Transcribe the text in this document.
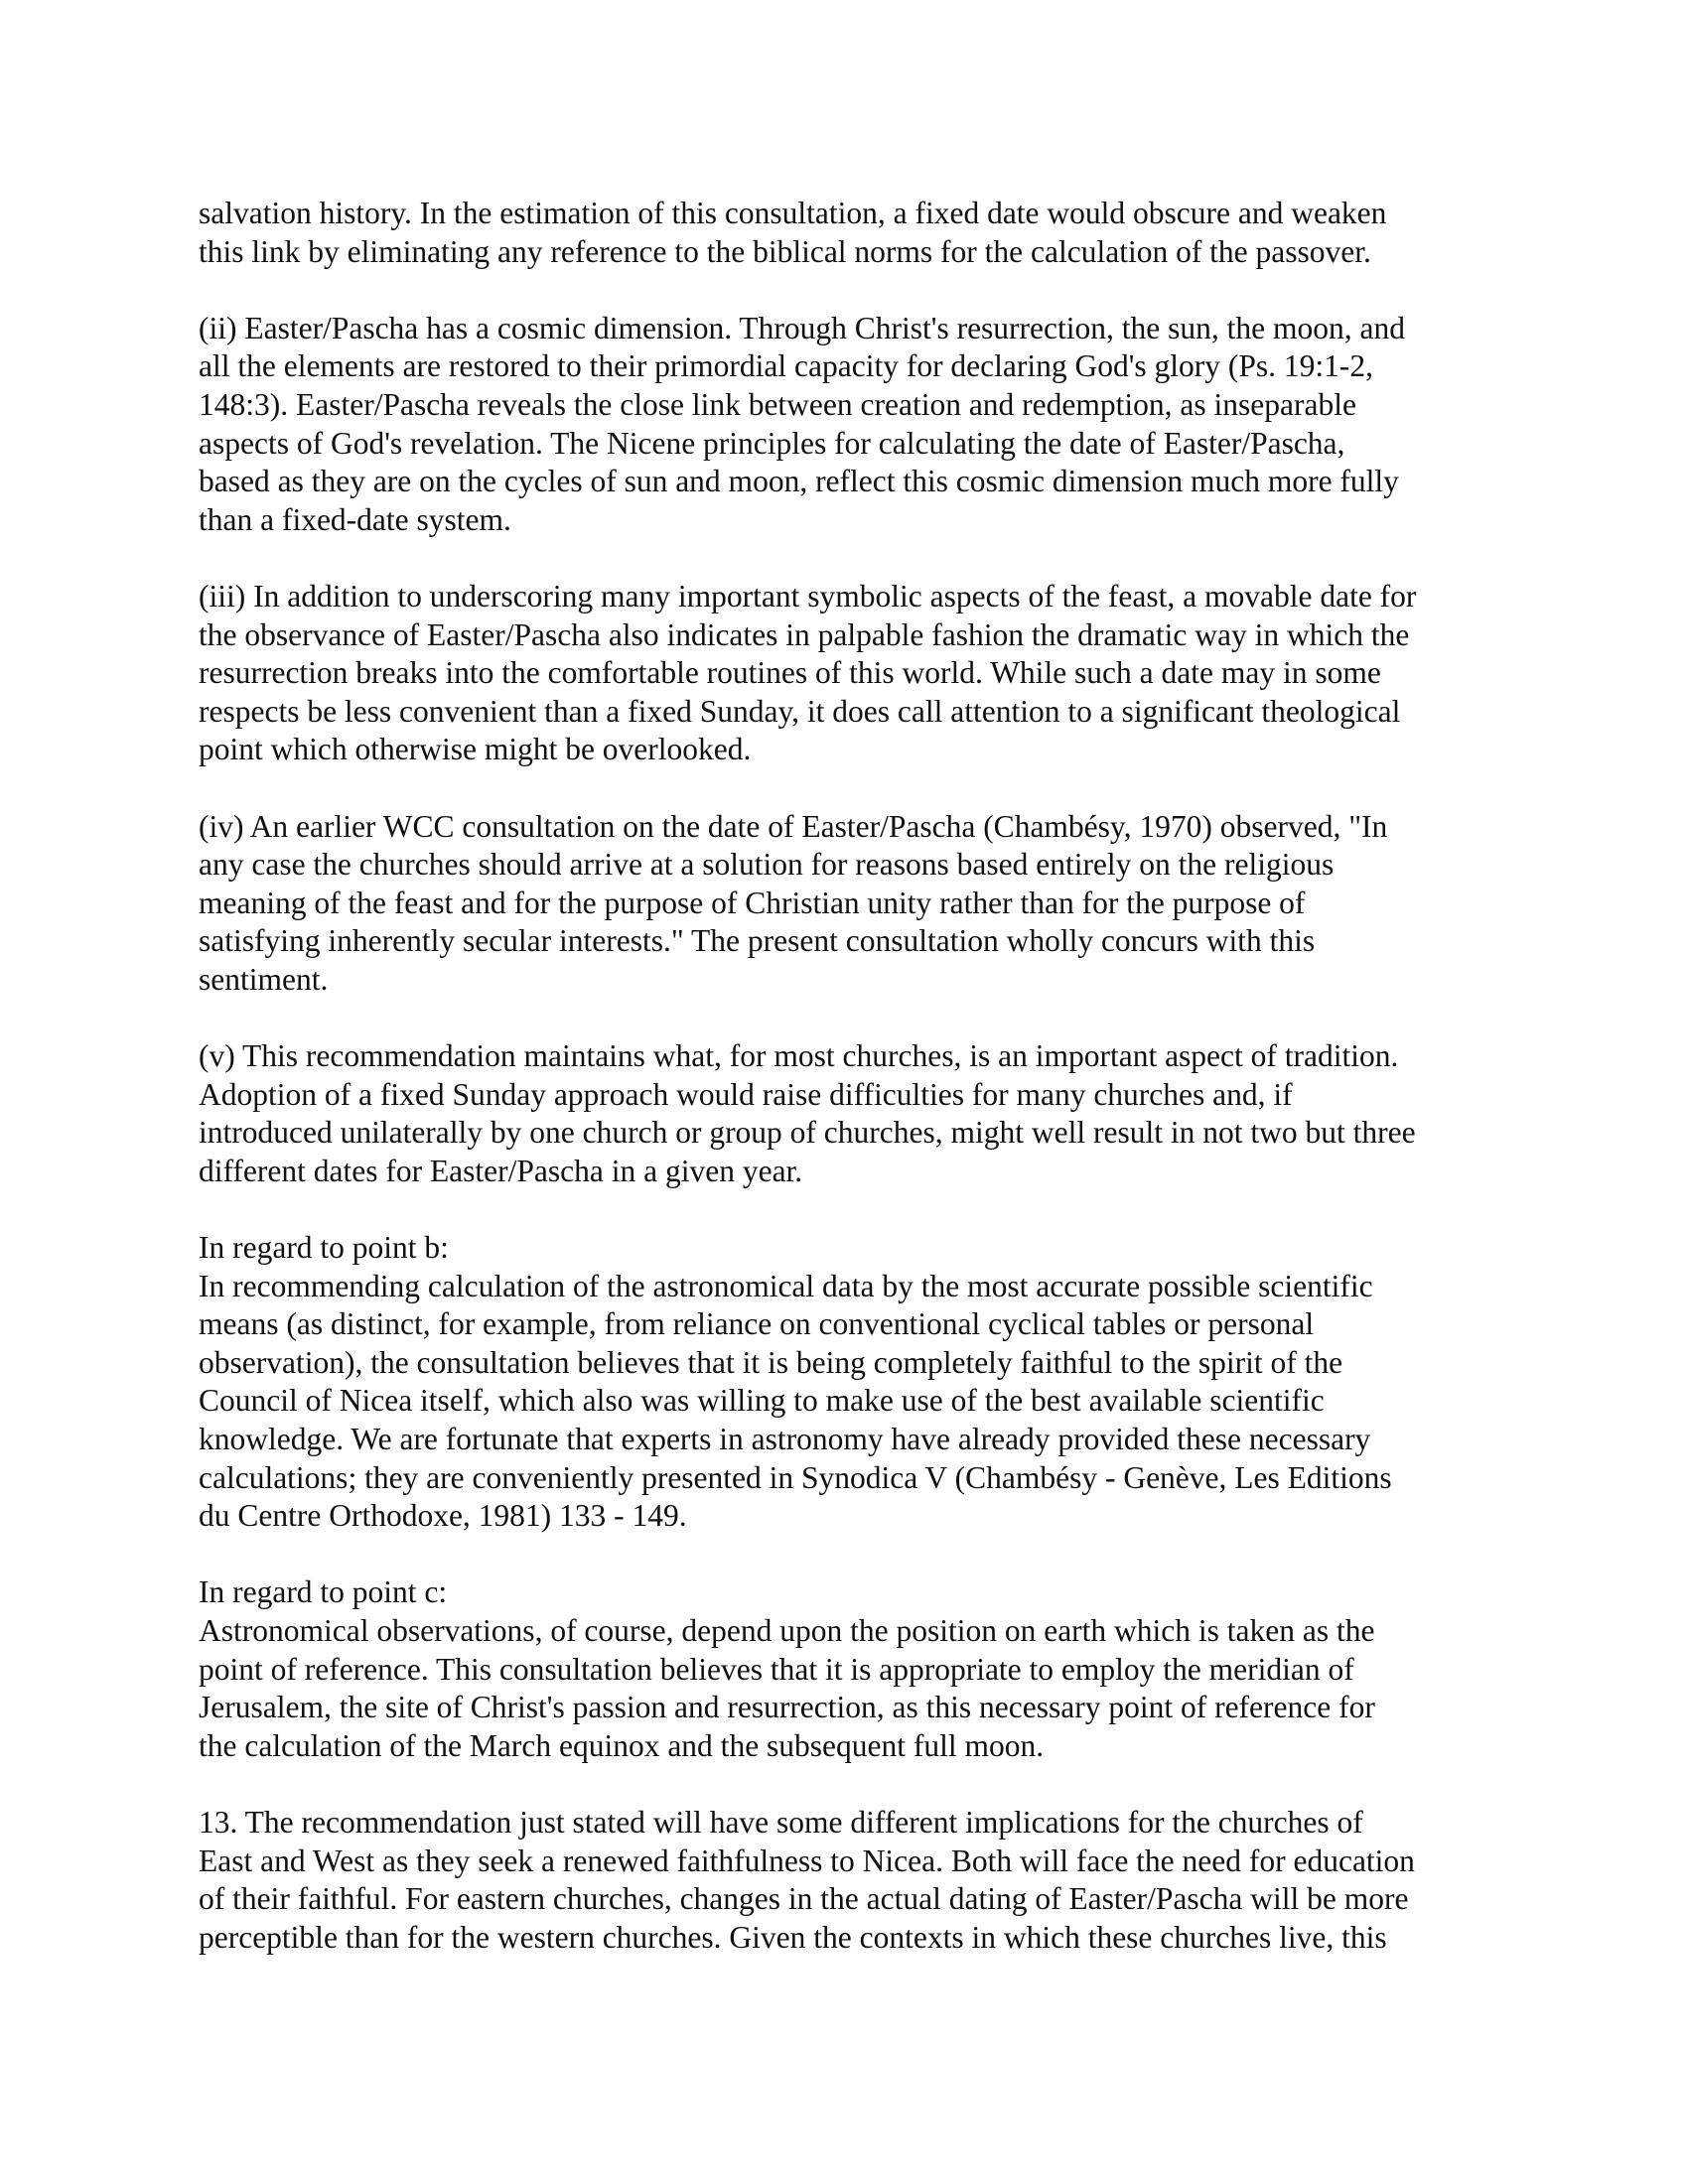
salvation history. In the estimation of this consultation, a fixed date would obscure and weaken
this link by eliminating any reference to the biblical norms for the calculation of the passover.
(ii) Easter/Pascha has a cosmic dimension. Through Christ's resurrection, the sun, the moon, and
all the elements are restored to their primordial capacity for declaring God's glory (Ps. 19:1-2,
148:3). Easter/Pascha reveals the close link between creation and redemption, as inseparable
aspects of God's revelation. The Nicene principles for calculating the date of Easter/Pascha,
based as they are on the cycles of sun and moon, reflect this cosmic dimension much more fully
than a fixed-date system.
(iii) In addition to underscoring many important symbolic aspects of the feast, a movable date for
the observance of Easter/Pascha also indicates in palpable fashion the dramatic way in which the
resurrection breaks into the comfortable routines of this world. While such a date may in some
respects be less convenient than a fixed Sunday, it does call attention to a significant theological
point which otherwise might be overlooked.
(iv) An earlier WCC consultation on the date of Easter/Pascha (Chambésy, 1970) observed, "In
any case the churches should arrive at a solution for reasons based entirely on the religious
meaning of the feast and for the purpose of Christian unity rather than for the purpose of
satisfying inherently secular interests." The present consultation wholly concurs with this
sentiment.
(v) This recommendation maintains what, for most churches, is an important aspect of tradition.
Adoption of a fixed Sunday approach would raise difficulties for many churches and, if
introduced unilaterally by one church or group of churches, might well result in not two but three
different dates for Easter/Pascha in a given year.
In regard to point b:
In recommending calculation of the astronomical data by the most accurate possible scientific
means (as distinct, for example, from reliance on conventional cyclical tables or personal
observation), the consultation believes that it is being completely faithful to the spirit of the
Council of Nicea itself, which also was willing to make use of the best available scientific
knowledge. We are fortunate that experts in astronomy have already provided these necessary
calculations; they are conveniently presented in Synodica V (Chambésy - Genève, Les Editions
du Centre Orthodoxe, 1981) 133 - 149.
In regard to point c:
Astronomical observations, of course, depend upon the position on earth which is taken as the
point of reference. This consultation believes that it is appropriate to employ the meridian of
Jerusalem, the site of Christ's passion and resurrection, as this necessary point of reference for
the calculation of the March equinox and the subsequent full moon.
13. The recommendation just stated will have some different implications for the churches of
East and West as they seek a renewed faithfulness to Nicea. Both will face the need for education
of their faithful. For eastern churches, changes in the actual dating of Easter/Pascha will be more
perceptible than for the western churches. Given the contexts in which these churches live, this
